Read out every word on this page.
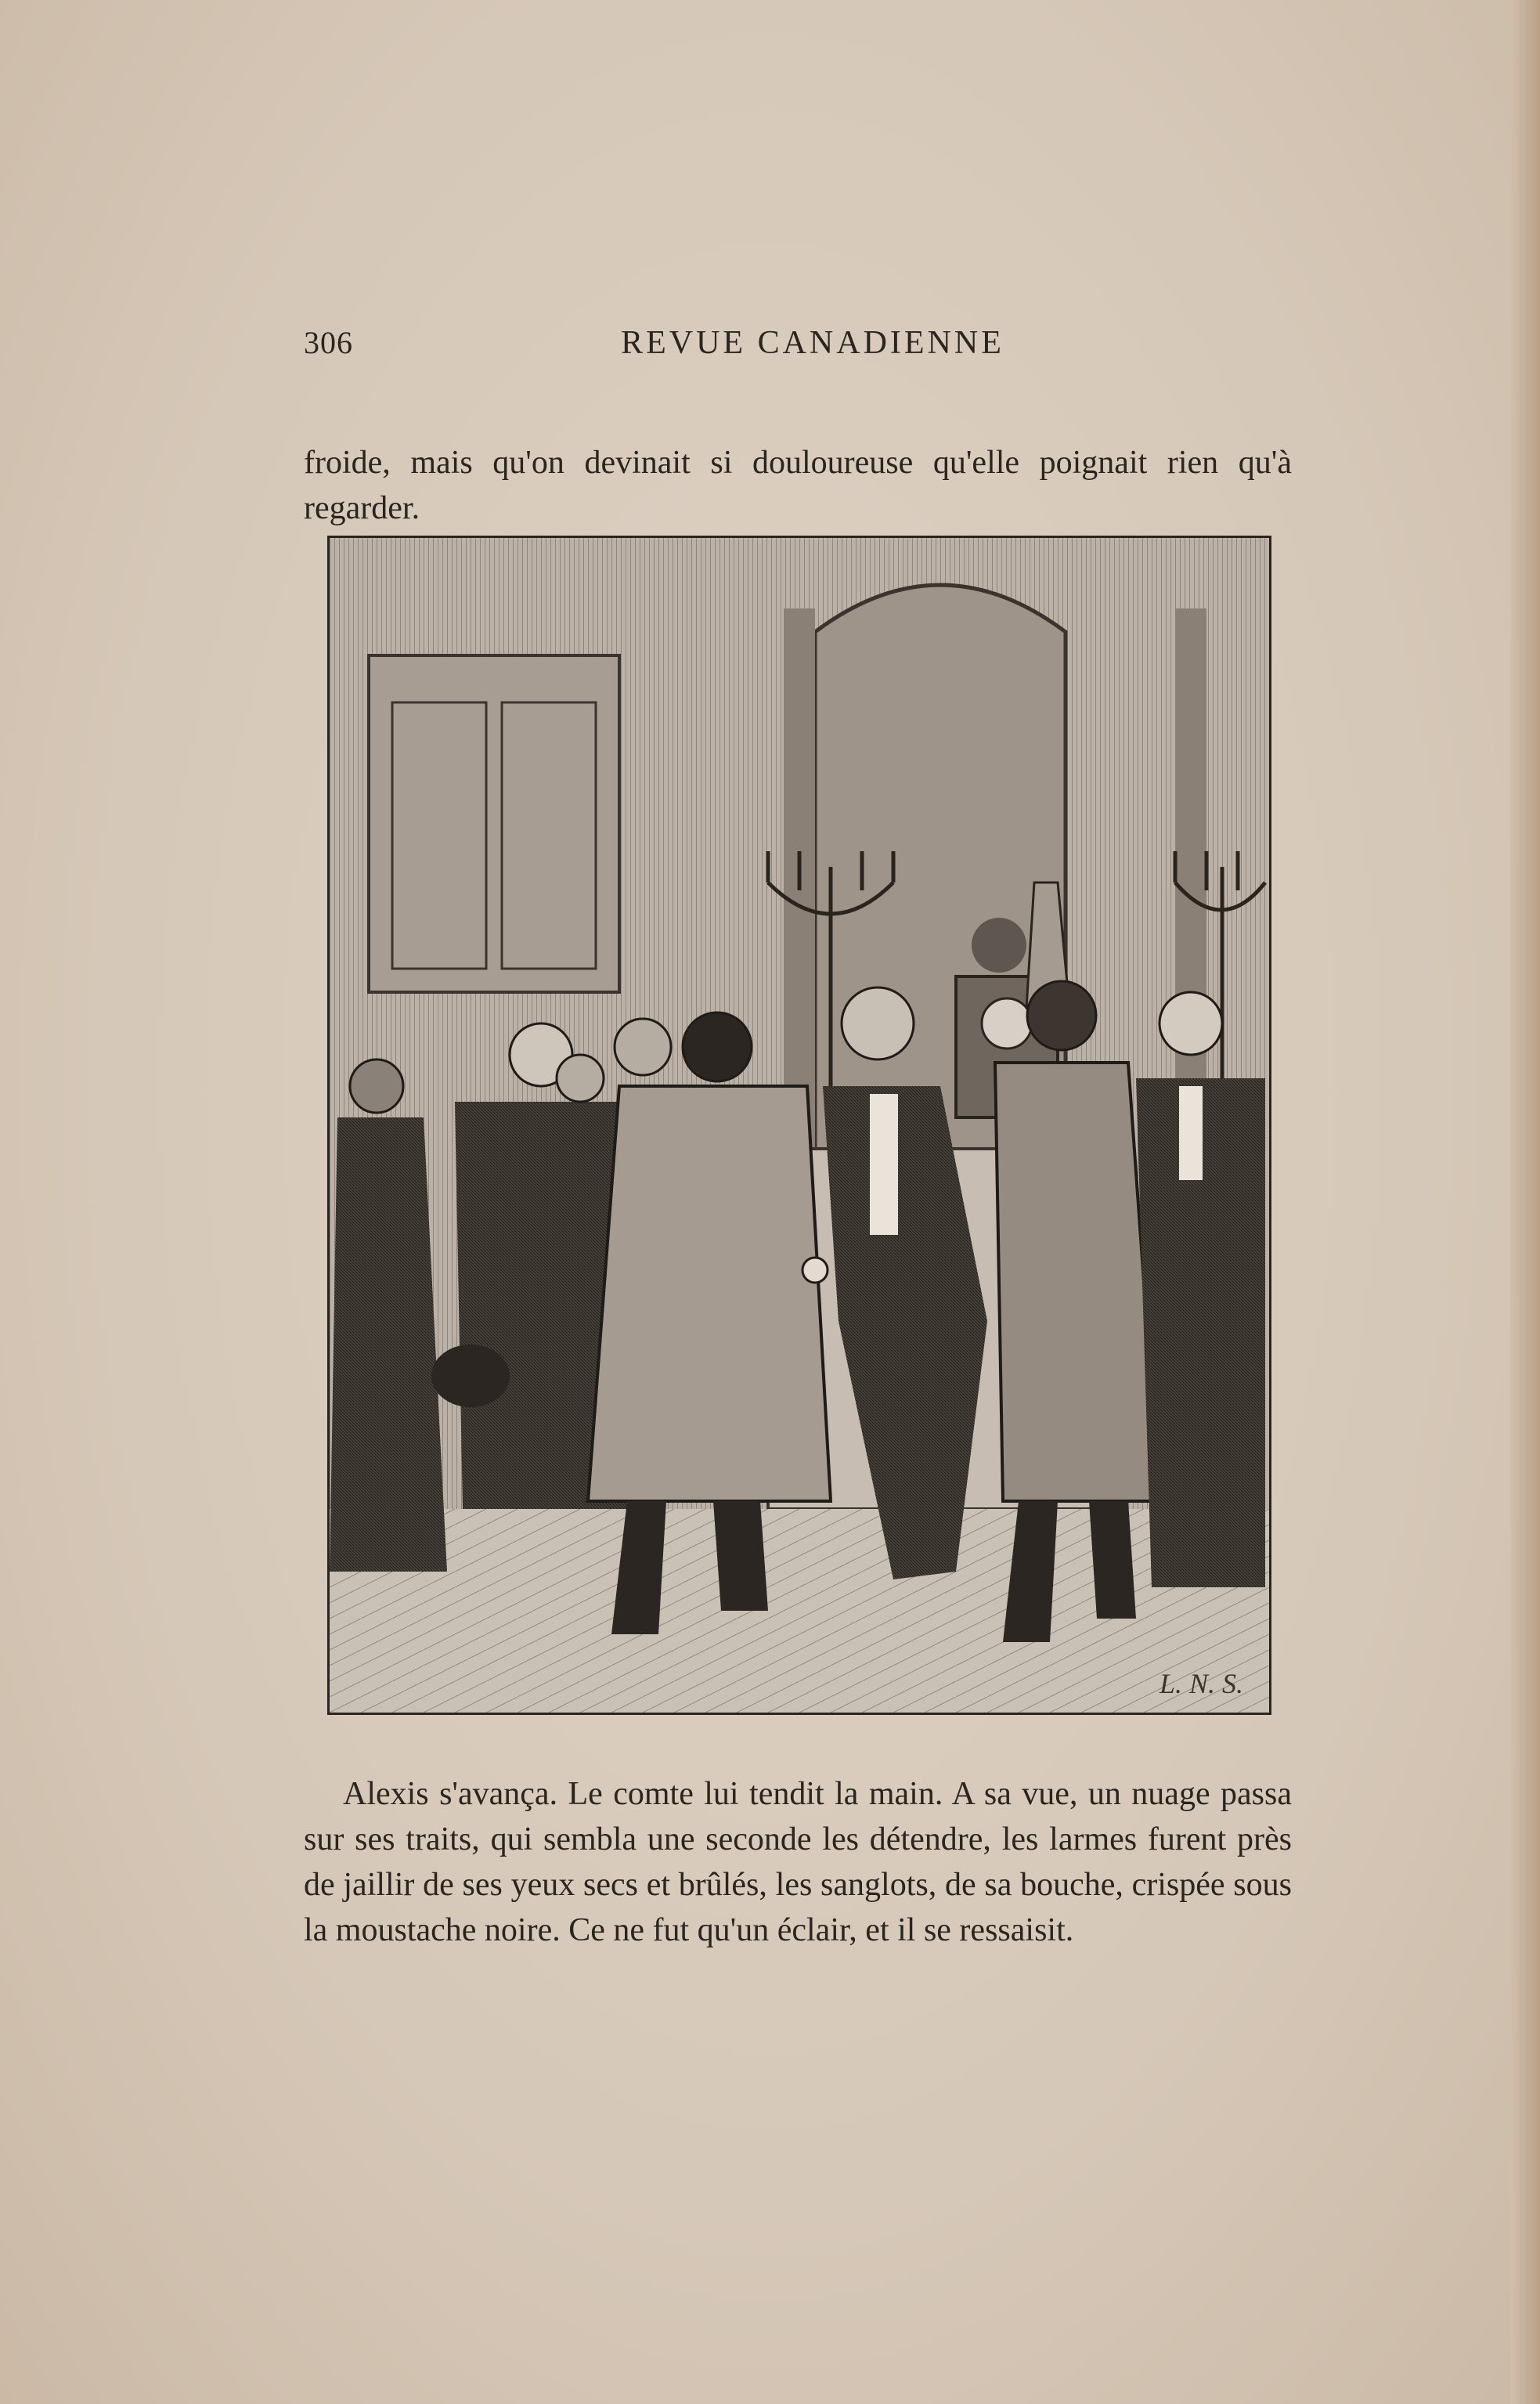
306	REVUE CANADIENNE

froide, mais qu'on devinait si douloureuse qu'elle poignait rien qu'à regarder.

L. N. S.

Alexis s'avança. Le comte lui tendit la main. A sa vue, un nuage passa sur ses traits, qui sembla une seconde les détendre, les larmes furent près de jaillir de ses yeux secs et brûlés, les sanglots, de sa bouche, crispée sous la moustache noire. Ce ne fut qu'un éclair, et il se ressaisit.
